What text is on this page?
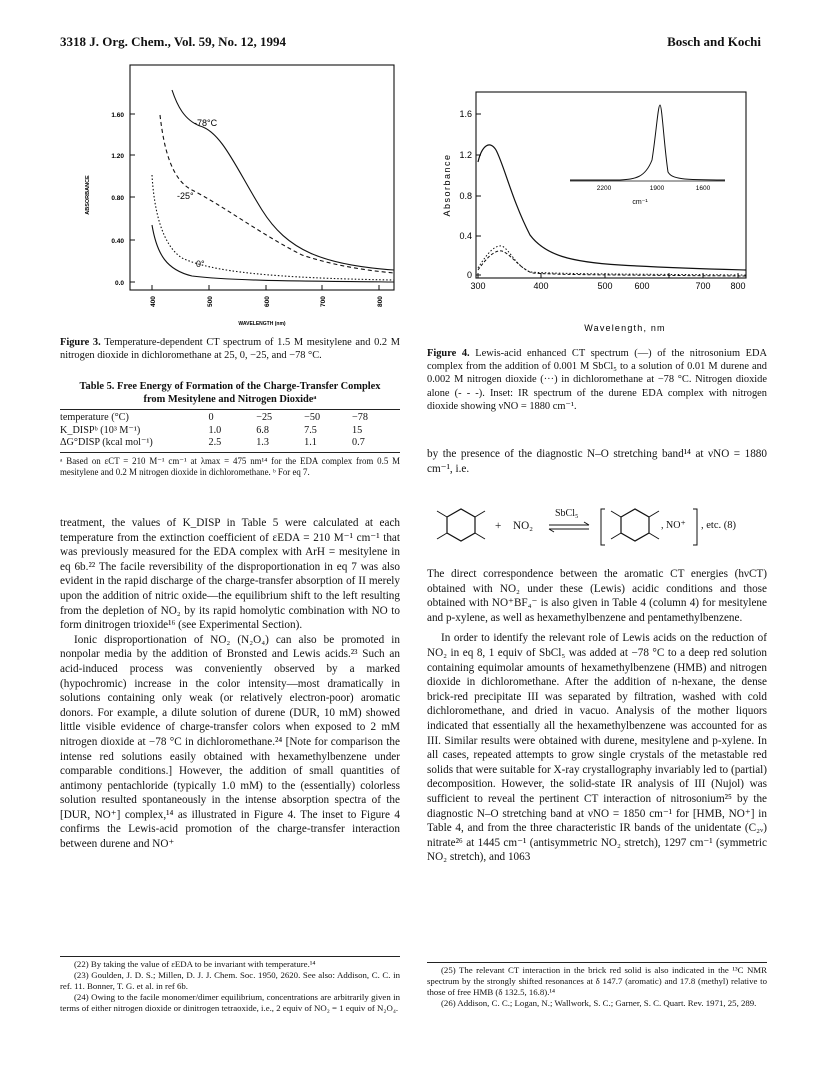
3318 J. Org. Chem., Vol. 59, No. 12, 1994	Bosch and Kochi
1.60
1.20
0.80
0.40
0.0
ABSORBANCE
400	500	600	700	800
WAVELENGTH (nm)
-78°C
-25°
0°
Figure 3. Temperature-dependent CT spectrum of 1.5 M mesitylene and 0.2 M nitrogen dioxide in dichloromethane at 25, 0, −25, and −78 °C.
Table 5. Free Energy of Formation of the Charge-Transfer Complex from Mesitylene and Nitrogen Dioxideᵃ
temperature (°C)	0	−25	−50	−78
K_DISPᵇ (10³ M⁻¹)	1.0	6.8	7.5	15
ΔG°DISP (kcal mol⁻¹)	2.5	1.3	1.1	0.7
ᵃ Based on εCT = 210 M⁻¹ cm⁻¹ at λmax = 475 nm¹⁴ for the EDA complex from 0.5 M mesitylene and 0.2 M nitrogen dioxide in dichloromethane. ᵇ For eq 7.

treatment, the values of K_DISP in Table 5 were calculated at each temperature from the extinction coefficient of εEDA = 210 M⁻¹ cm⁻¹ that was previously measured for the EDA complex with ArH = mesitylene in eq 6b.²² The facile reversibility of the disproportionation in eq 7 was also evident in the rapid discharge of the charge-transfer absorption of II merely upon the addition of nitric oxide—the equilibrium shift to the left resulting from the depletion of NO₂ by its rapid homolytic combination with NO to form dinitrogen trioxide¹⁶ (see Experimental Section).

Ionic disproportionation of NO₂ (N₂O₄) can also be promoted in nonpolar media by the addition of Bronsted and Lewis acids.²³ Such an acid-induced process was conveniently observed by a marked (hypochromic) increase in the color intensity—most dramatically in solutions containing only weak (or relatively electron-poor) aromatic donors. For example, a dilute solution of durene (DUR, 10 mM) showed little visible evidence of charge-transfer colors when exposed to 2 mM nitrogen dioxide at −78 °C in dichloromethane.²⁴ [Note for comparison the intense red solutions easily obtained with hexamethylbenzene under comparable conditions.] However, the addition of small quantities of antimony pentachloride (typically 1.0 mM) to the (essentially) colorless solution resulted spontaneously in the intense absorption spectra of the [DUR, NO⁺] complex,¹⁴ as illustrated in Figure 4. The inset to Figure 4 confirms the Lewis-acid promotion of the charge-transfer interaction between durene and NO⁺

(22) By taking the value of εEDA to be invariant with temperature.¹⁴

(23) Goulden, J. D. S.; Millen, D. J. J. Chem. Soc. 1950, 2620. See also: Addison, C. C. in ref. 11. Bonner, T. G. et al. in ref 6b.

(24) Owing to the facile monomer/dimer equilibrium, concentrations are arbitrarily given in terms of either nitrogen dioxide or dinitrogen tetraoxide, i.e., 2 equiv of NO₂ = 1 equiv of N₂O₄.

1.6
1.2
0.8
0.4
0
Absorbance
300	400	500 600	700 800
Wavelength, nm
2200	1900	1600
cm⁻¹
Figure 4. Lewis-acid enhanced CT spectrum (—) of the nitrosonium EDA complex from the addition of 0.001 M SbCl₅ to a solution of 0.01 M durene and 0.002 M nitrogen dioxide (···) in dichloromethane at −78 °C. Nitrogen dioxide alone (- - -). Inset: IR spectrum of the durene EDA complex with nitrogen dioxide showing νNO = 1880 cm⁻¹.
by the presence of the diagnostic N–O stretching band¹⁴ at νNO = 1880 cm⁻¹, i.e.
+ NO₂
SbCl₅
, NO⁺ , etc. (8)

The direct correspondence between the aromatic CT energies (hνCT) obtained with NO₂ under these (Lewis) acidic conditions and those obtained with NO⁺BF₄⁻ is also given in Table 4 (column 4) for mesitylene and p-xylene, as well as hexamethylbenzene and pentamethylbenzene.

In order to identify the relevant role of Lewis acids on the reduction of NO₂ in eq 8, 1 equiv of SbCl₅ was added at −78 °C to a deep red solution containing equimolar amounts of hexamethylbenzene (HMB) and nitrogen dioxide in dichloromethane. After the addition of n-hexane, the dense brick-red precipitate III was separated by filtration, washed with cold dichloromethane, and dried in vacuo. Analysis of the mother liquors indicated that essentially all the hexamethylbenzene was accounted for as III. Similar results were obtained with durene, mesitylene and p-xylene. In all cases, repeated attempts to grow single crystals of the metastable red solids that were suitable for X-ray crystallography invariably led to (partial) decomposition. However, the solid-state IR analysis of III (Nujol) was sufficient to reveal the pertinent CT interaction of nitrosonium²⁵ by the diagnostic N–O stretching band at νNO = 1850 cm⁻¹ for [HMB, NO⁺] in Table 4, and from the three characteristic IR bands of the unidentate (C₂ᵥ) nitrate²⁶ at 1445 cm⁻¹ (antisymmetric NO₂ stretch), 1297 cm⁻¹ (symmetric NO₂ stretch), and 1063

(25) The relevant CT interaction in the brick red solid is also indicated in the ¹³C NMR spectrum by the strongly shifted resonances at δ 147.7 (aromatic) and 17.8 (methyl) relative to those of free HMB (δ 132.5, 16.8).¹⁴

(26) Addison, C. C.; Logan, N.; Wallwork, S. C.; Garner, S. C. Quart. Rev. 1971, 25, 289.
